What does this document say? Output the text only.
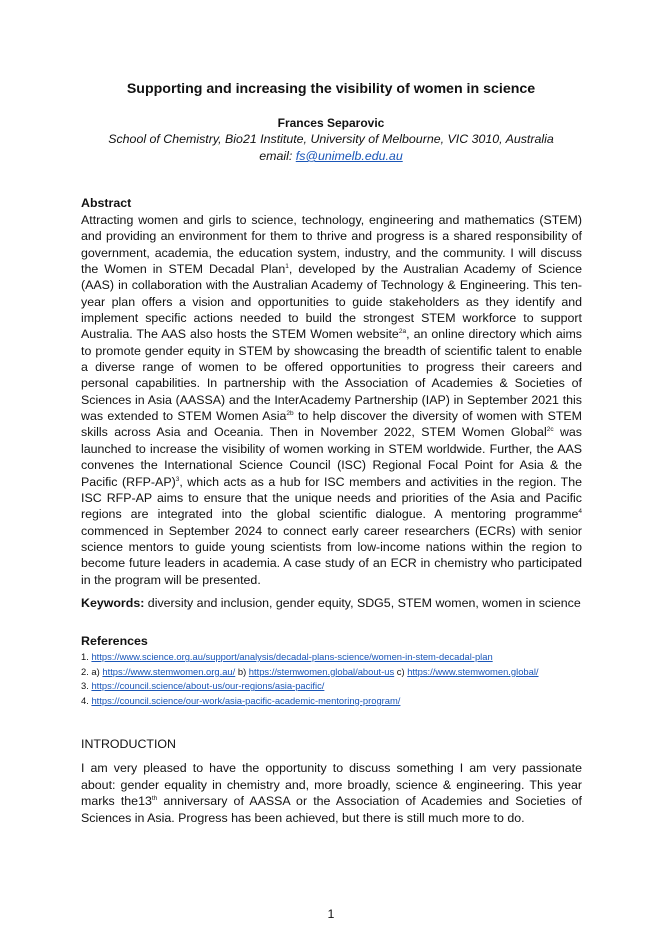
Supporting and increasing the visibility of women in science
Frances Separovic
School of Chemistry, Bio21 Institute, University of Melbourne, VIC 3010, Australia
email: fs@unimelb.edu.au
Abstract
Attracting women and girls to science, technology, engineering and mathematics (STEM) and providing an environment for them to thrive and progress is a shared responsibility of government, academia, the education system, industry, and the community. I will discuss the Women in STEM Decadal Plan$^1$, developed by the Australian Academy of Science (AAS) in collaboration with the Australian Academy of Technology & Engineering. This ten-year plan offers a vision and opportunities to guide stakeholders as they identify and implement specific actions needed to build the strongest STEM workforce to support Australia. The AAS also hosts the STEM Women website$^{2a}$, an online directory which aims to promote gender equity in STEM by showcasing the breadth of scientific talent to enable a diverse range of women to be offered opportunities to progress their careers and personal capabilities. In partnership with the Association of Academies & Societies of Sciences in Asia (AASSA) and the InterAcademy Partnership (IAP) in September 2021 this was extended to STEM Women Asia$^{2b}$ to help discover the diversity of women with STEM skills across Asia and Oceania. Then in November 2022, STEM Women Global$^{2c}$ was launched to increase the visibility of women working in STEM worldwide. Further, the AAS convenes the International Science Council (ISC) Regional Focal Point for Asia & the Pacific $(RFP-AP)^3$, which acts as a hub for ISC members and activities in the region. The ISC RFP-AP aims to ensure that the unique needs and priorities of the Asia and Pacific regions are integrated into the global scientific dialogue. A mentoring programme$^4$ commenced in September 2024 to connect early career researchers (ECRs) with senior science mentors to guide young scientists from low-income nations within the region to become future leaders in academia. A case study of an ECR in chemistry who participated in the program will be presented.
Keywords: diversity and inclusion, gender equity, SDG5, STEM women, women in science
References
1. https://www.science.org.au/support/analysis/decadal-plans-science/women-in-stem-decadal-plan
2. a) https://www.stemwomen.org.au/ b) https://stemwomen.global/about-us c) https://www.stemwomen.global/
3. https://council.science/about-us/our-regions/asia-pacific/
4. https://council.science/our-work/asia-pacific-academic-mentoring-program/
INTRODUCTION
I am very pleased to have the opportunity to discuss something I am very passionate about: gender equality in chemistry and, more broadly, science & engineering. This year marks the13th anniversary of AASSA or the Association of Academies and Societies of Sciences in Asia. Progress has been achieved, but there is still much more to do.
1
